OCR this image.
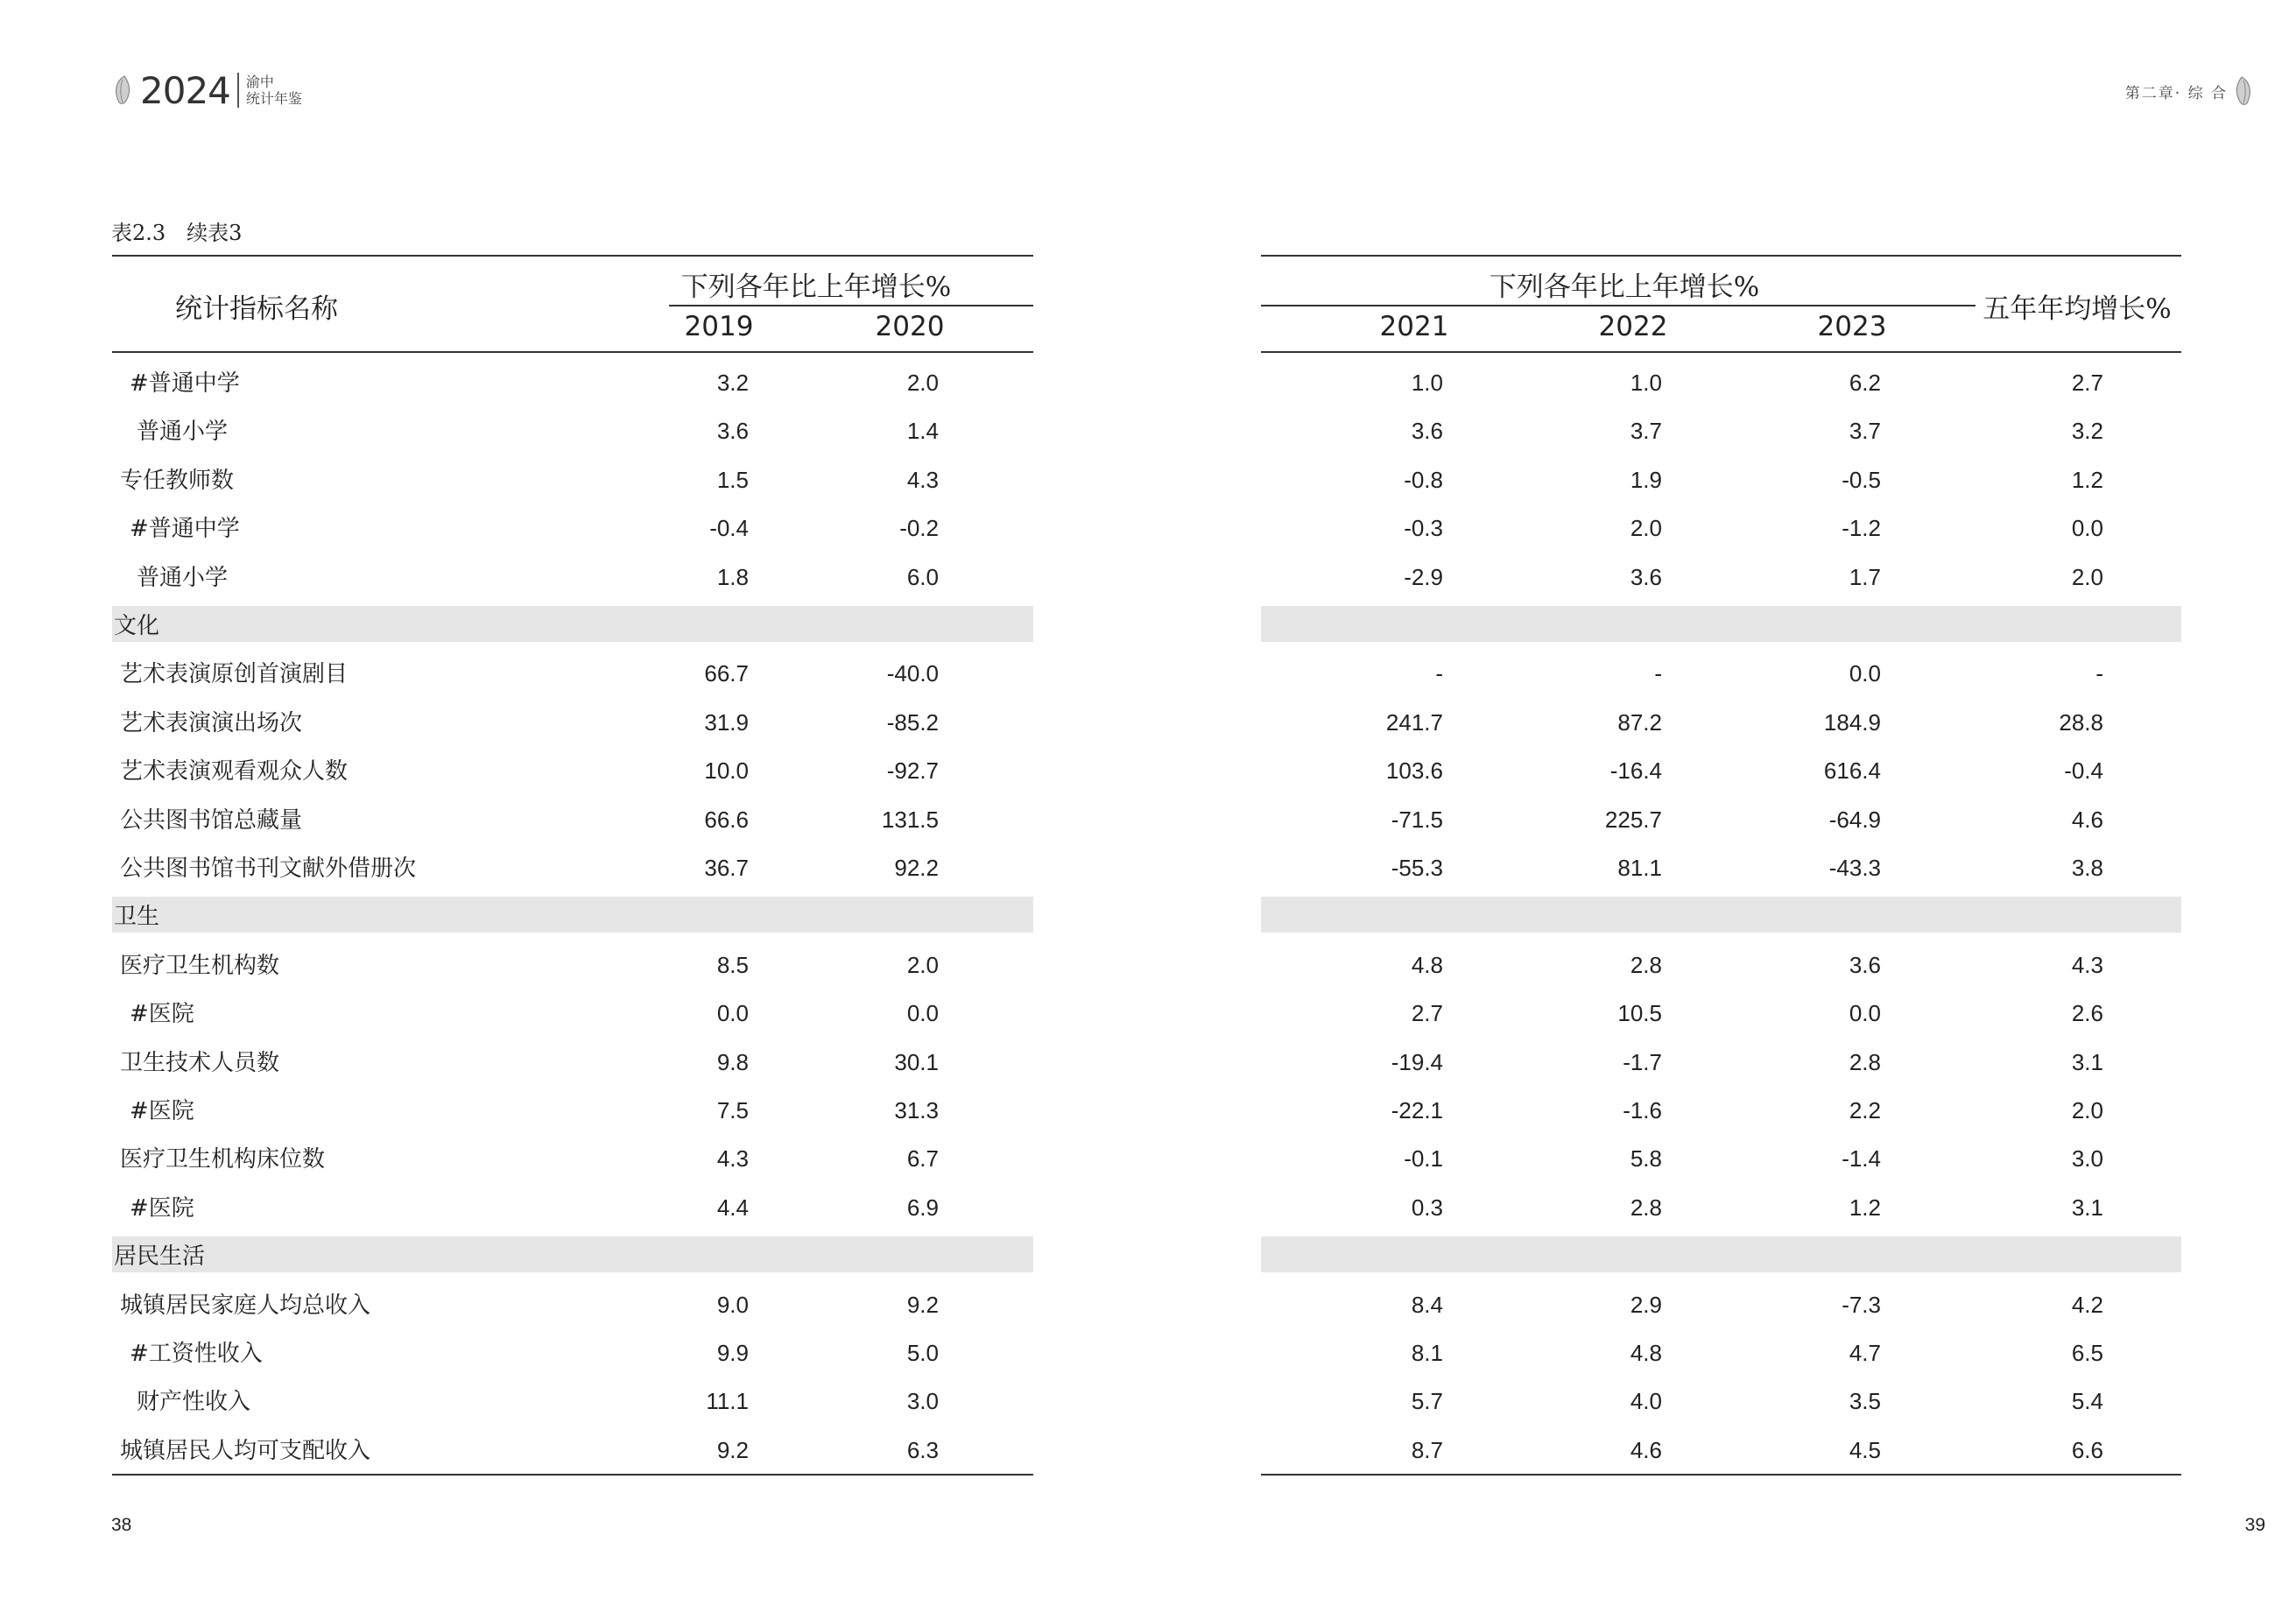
2024 渝中
统计年鉴
表2.3　续表3
统计指标名称
下列各年比上年增长%
2019	2020
#普通中学	3.2	2.0
普通小学	3.6	1.4
专任教师数	1.5	4.3
#普通中学	-0.4	-0.2
普通小学	1.8	6.0
文化
艺术表演原创首演剧目	66.7	-40.0
艺术表演演出场次	31.9	-85.2
艺术表演观看观众人数	10.0	-92.7
公共图书馆总藏量	66.6	131.5
公共图书馆书刊文献外借册次	36.7	92.2
卫生
医疗卫生机构数	8.5	2.0
#医院	0.0	0.0
卫生技术人员数	9.8	30.1
#医院	7.5	31.3
医疗卫生机构床位数	4.3	6.7
#医院	4.4	6.9
居民生活
城镇居民家庭人均总收入	9.0	9.2
#工资性收入	9.9	5.0
财产性收入	11.1	3.0
城镇居民人均可支配收入	9.2	6.3
38
第二章· 综 合
下列各年比上年增长%
五年年均增长%
2021	2022	2023
1.0	1.0	6.2	2.7
3.6	3.7	3.7	3.2
-0.8	1.9	-0.5	1.2
-0.3	2.0	-1.2	0.0
-2.9	3.6	1.7	2.0
-	-	0.0	-
241.7	87.2	184.9	28.8
103.6	-16.4	616.4	-0.4
-71.5	225.7	-64.9	4.6
-55.3	81.1	-43.3	3.8
4.8	2.8	3.6	4.3
2.7	10.5	0.0	2.6
-19.4	-1.7	2.8	3.1
-22.1	-1.6	2.2	2.0
-0.1	5.8	-1.4	3.0
0.3	2.8	1.2	3.1
8.4	2.9	-7.3	4.2
8.1	4.8	4.7	6.5
5.7	4.0	3.5	5.4
8.7	4.6	4.5	6.6
39
